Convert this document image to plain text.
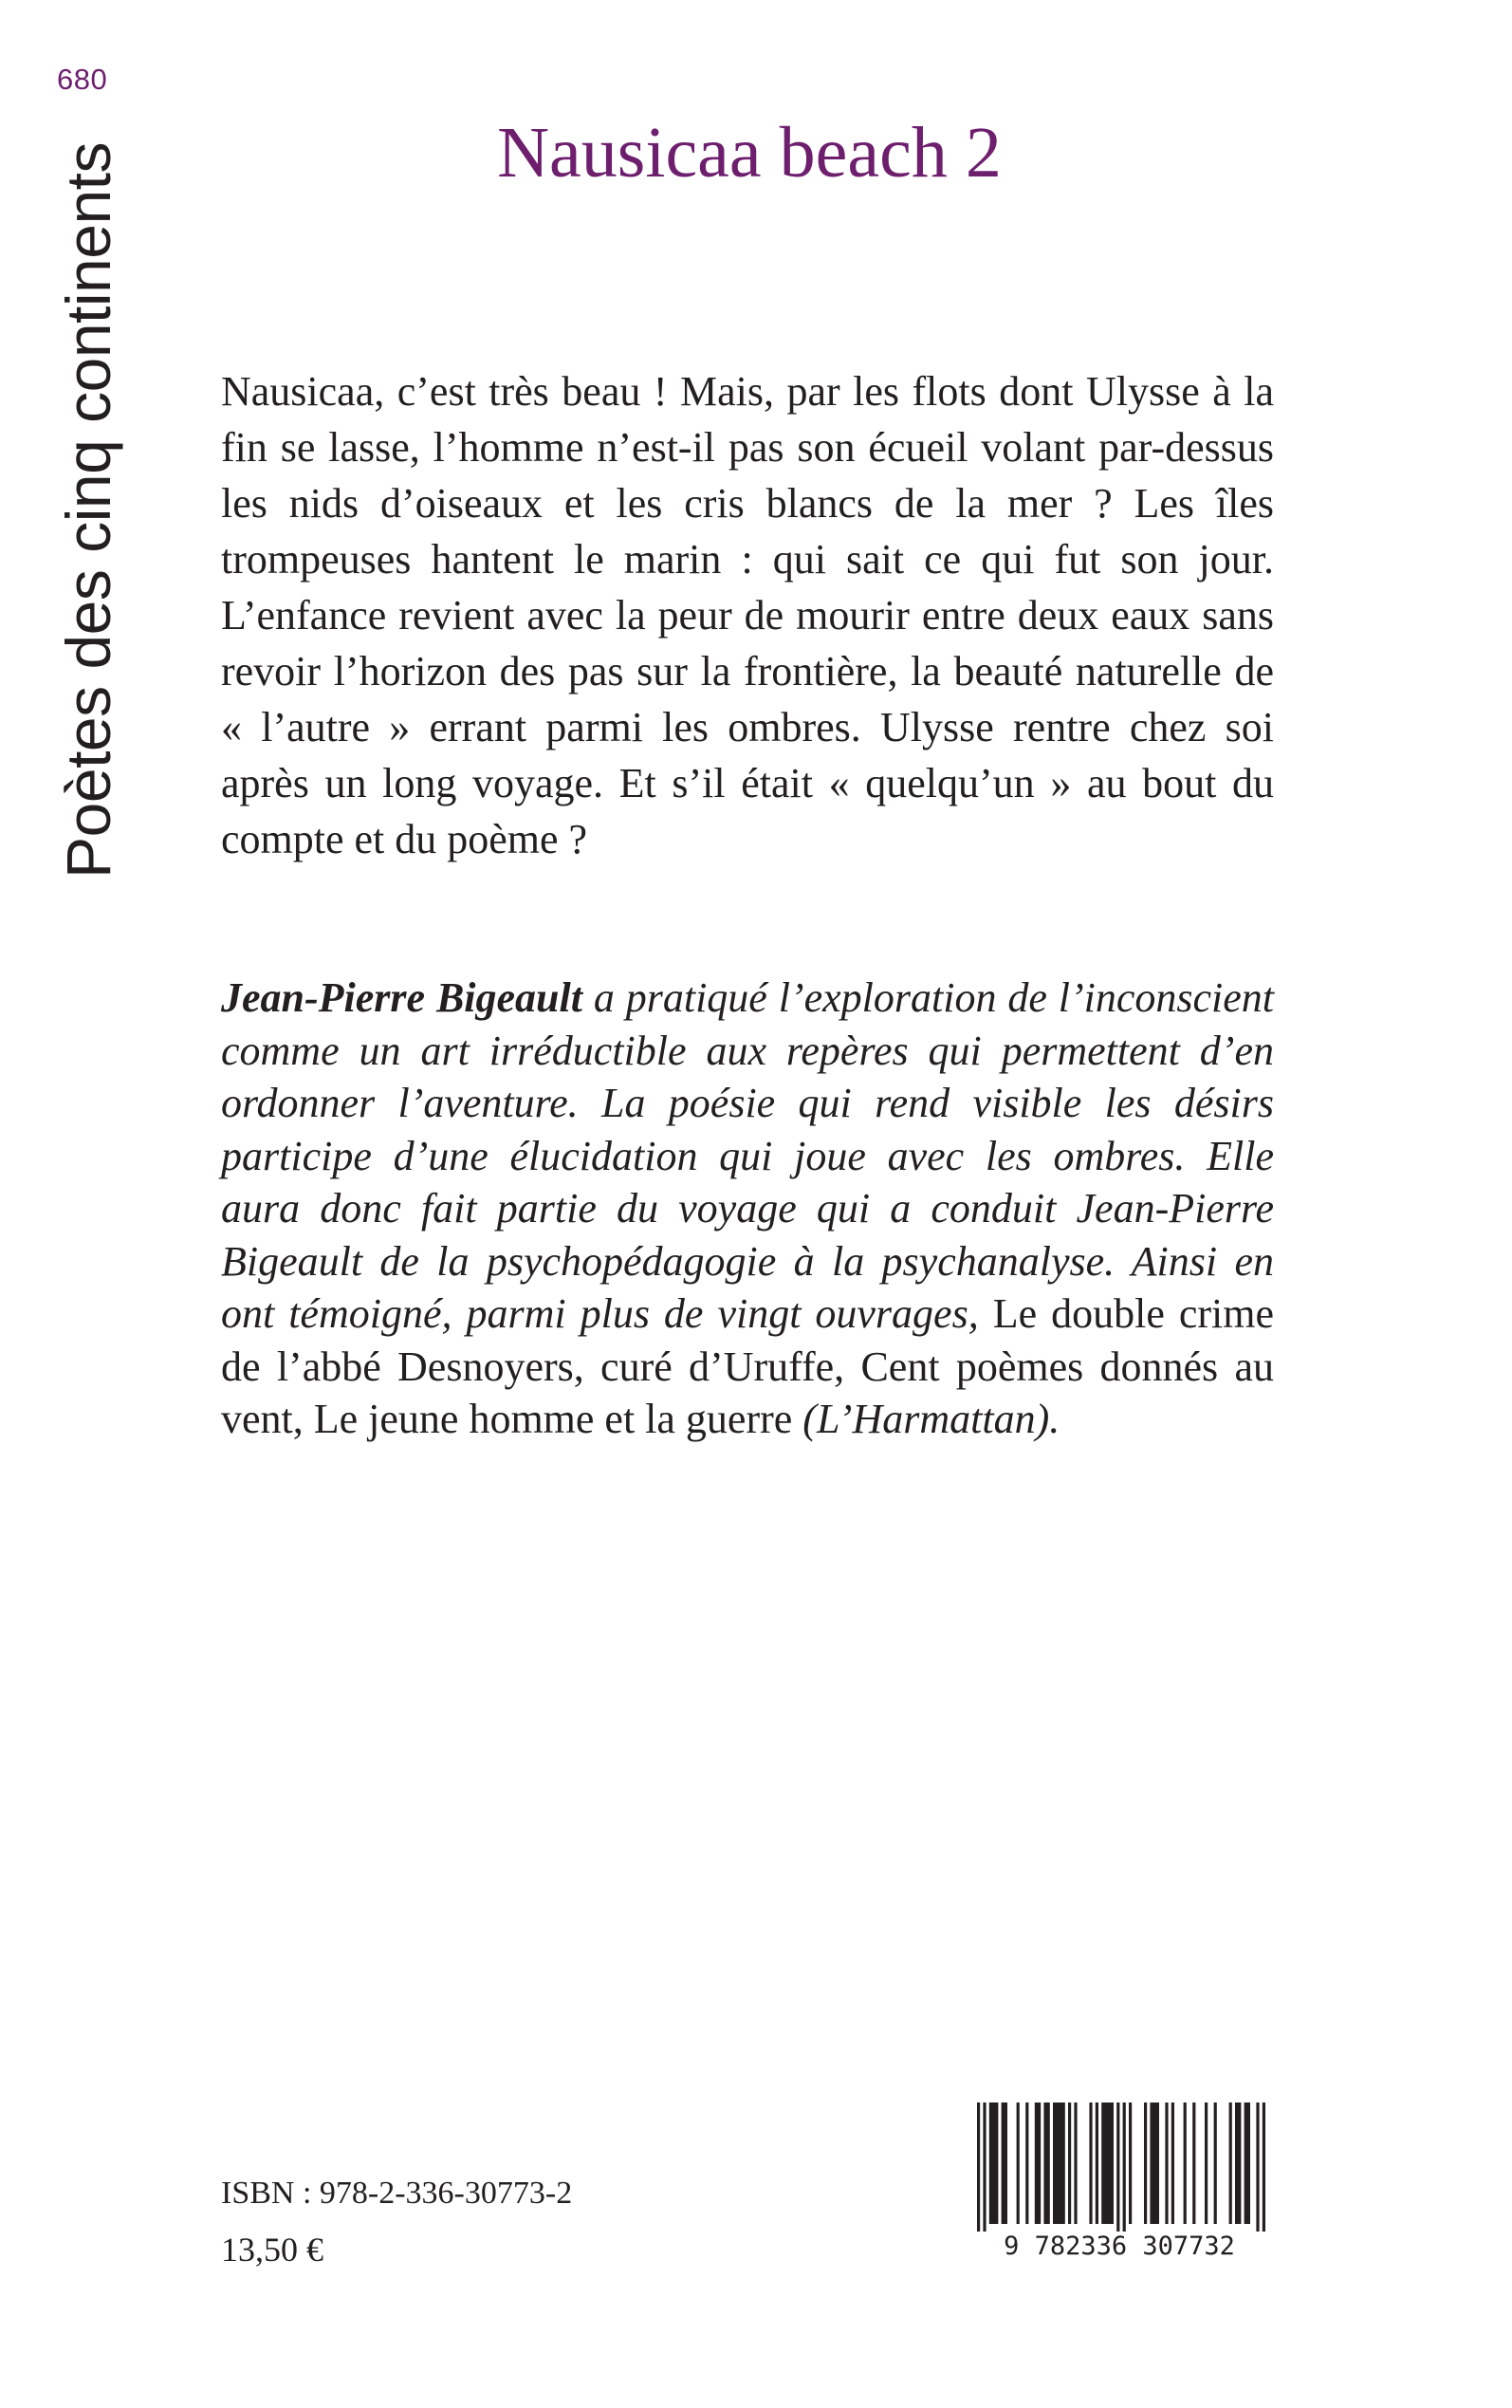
680
Poètes des cinq continents	Nausicaa beach 2

Nausicaa, c’est très beau ! Mais, par les flots dont Ulysse à la fin se lasse, l’homme n’est-il pas son écueil volant par-dessus les nids d’oiseaux et les cris blancs de la mer ? Les îles trompeuses hantent le marin : qui sait ce qui fut son jour. L’enfance revient avec la peur de mourir entre deux eaux sans revoir l’horizon des pas sur la frontière, la beauté naturelle de « l’autre » errant parmi les ombres. Ulysse rentre chez soi après un long voyage. Et s’il était « quelqu’un » au bout du compte et du poème ?

Jean-Pierre Bigeault a pratiqué l’exploration de l’inconscient comme un art irréductible aux repères qui permettent d’en ordonner l’aventure. La poésie qui rend visible les désirs participe d’une élucidation qui joue avec les ombres. Elle aura donc fait partie du voyage qui a conduit Jean-Pierre Bigeault de la psychopédagogie à la psychanalyse. Ainsi en ont témoigné, parmi plus de vingt ouvrages, Le double crime de l’abbé Desnoyers, curé d’Uruffe, Cent poèmes donnés au vent, Le jeune homme et la guerre (L’Harmattan).

ISBN : 978-2-336-30773-2
13,50 €	9 782336 307732
